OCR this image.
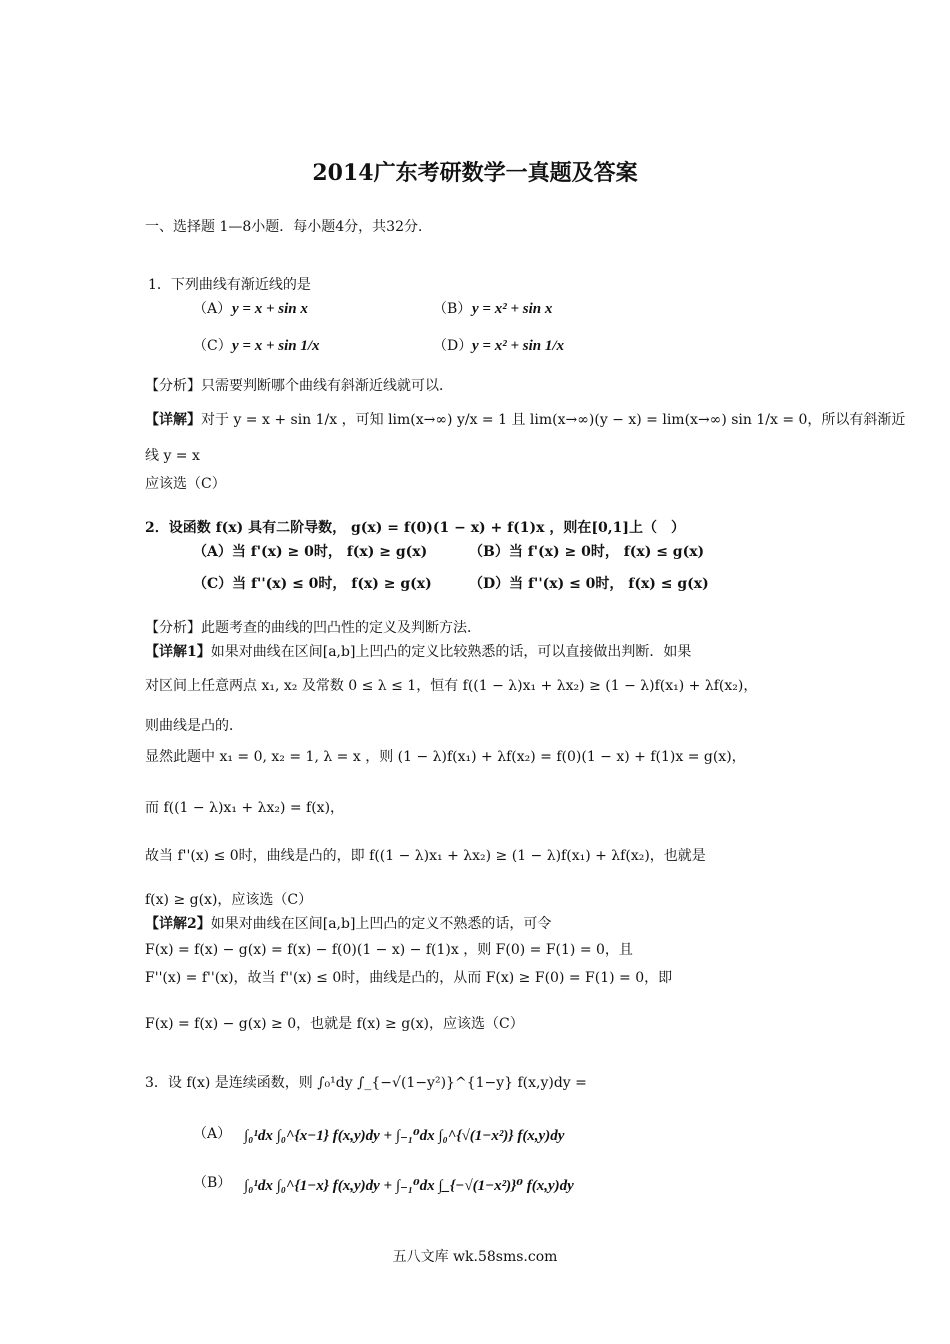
2014广东考研数学一真题及答案
一、选择题 1—8小题．每小题4分，共32分．
1．下列曲线有渐近线的是
（A） y = x + sin x	（B） y = x² + sin x
（C） y = x + sin 1/x	（D） y = x² + sin 1/x
【分析】只需要判断哪个曲线有斜渐近线就可以．
【详解】对于 y = x + sin 1/x ，可知 lim(x→∞) y/x = 1 且 lim(x→∞)(y − x) = lim(x→∞) sin 1/x = 0，所以有斜渐近
线 y = x
应该选（C）
2．设函数 f(x) 具有二阶导数， g(x) = f(0)(1 − x) + f(1)x ，则在[0,1]上（　）
（A）当 f'(x) ≥ 0时， f(x) ≥ g(x)	（B）当 f'(x) ≥ 0时， f(x) ≤ g(x)
（C）当 f''(x) ≤ 0时， f(x) ≥ g(x)	（D）当 f''(x) ≤ 0时， f(x) ≤ g(x)
【分析】此题考查的曲线的凹凸性的定义及判断方法．
【详解1】如果对曲线在区间[a,b]上凹凸的定义比较熟悉的话，可以直接做出判断．如果
对区间上任意两点 x₁, x₂ 及常数 0 ≤ λ ≤ 1，恒有 f((1 − λ)x₁ + λx₂) ≥ (1 − λ)f(x₁) + λf(x₂)，
则曲线是凸的．
显然此题中 x₁ = 0, x₂ = 1, λ = x ，则 (1 − λ)f(x₁) + λf(x₂) = f(0)(1 − x) + f(1)x = g(x)，
而 f((1 − λ)x₁ + λx₂) = f(x)，
故当 f''(x) ≤ 0时，曲线是凸的，即 f((1 − λ)x₁ + λx₂) ≥ (1 − λ)f(x₁) + λf(x₂)，也就是
f(x) ≥ g(x)，应该选（C）
【详解2】如果对曲线在区间[a,b]上凹凸的定义不熟悉的话，可令
F(x) = f(x) − g(x) = f(x) − f(0)(1 − x) − f(1)x ，则 F(0) = F(1) = 0，且
F''(x) = f''(x)，故当 f''(x) ≤ 0时，曲线是凸的，从而 F(x) ≥ F(0) = F(1) = 0，即
F(x) = f(x) − g(x) ≥ 0，也就是 f(x) ≥ g(x)，应该选（C）
3．设 f(x) 是连续函数，则 ∫₀¹dy ∫_{−√(1−y²)}^{1−y} f(x,y)dy =
（A） ∫₀¹dx ∫₀^{x−1} f(x,y)dy + ∫₋₁⁰dx ∫₀^{√(1−x²)} f(x,y)dy
（B） ∫₀¹dx ∫₀^{1−x} f(x,y)dy + ∫₋₁⁰dx ∫_{−√(1−x²)}⁰ f(x,y)dy
五八文库 wk.58sms.com
